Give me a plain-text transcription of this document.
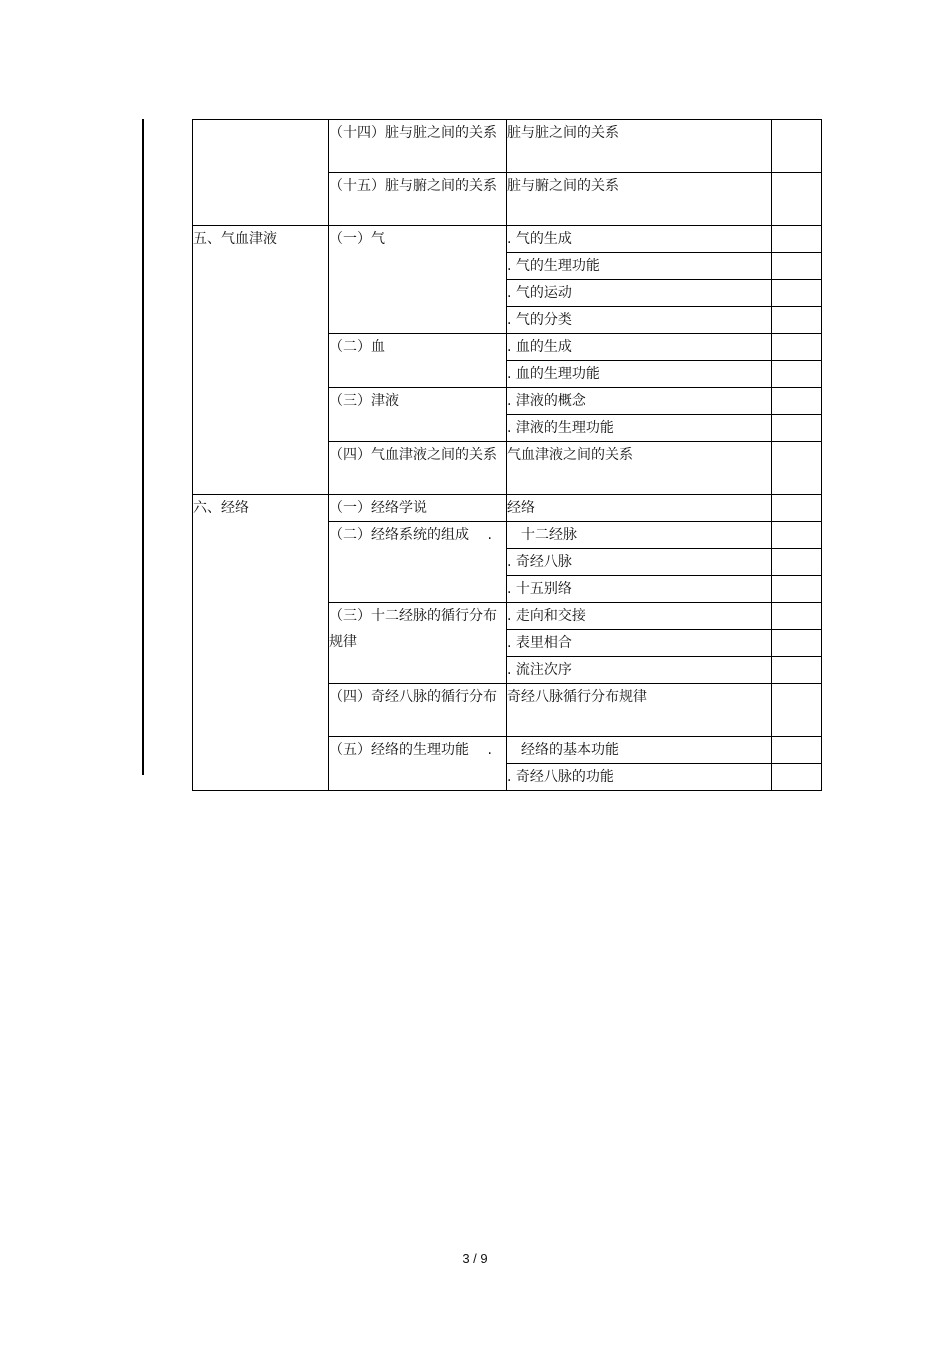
	（十四）脏与脏之间的关系	脏与脏之间的关系	
	（十五）脏与腑之间的关系	脏与腑之间的关系	
五、气血津液	（一）气	. 气的生成	
		. 气的生理功能	
		. 气的运动	
		. 气的分类	
	（二）血	. 血的生成	
		. 血的生理功能	
	（三）津液	. 津液的概念	
		. 津液的生理功能	
	（四）气血津液之间的关系	气血津液之间的关系	
六、经络	（一）经络学说	经络	
	（二）经络系统的组成　 .	　十二经脉	
		. 奇经八脉	
		. 十五别络	
	（三）十二经脉的循行分布规律	. 走向和交接	
		. 表里相合	
		. 流注次序	
	（四）奇经八脉的循行分布	奇经八脉循行分布规律	
	（五）经络的生理功能　 .	　经络的基本功能	
		. 奇经八脉的功能	
3 / 9
